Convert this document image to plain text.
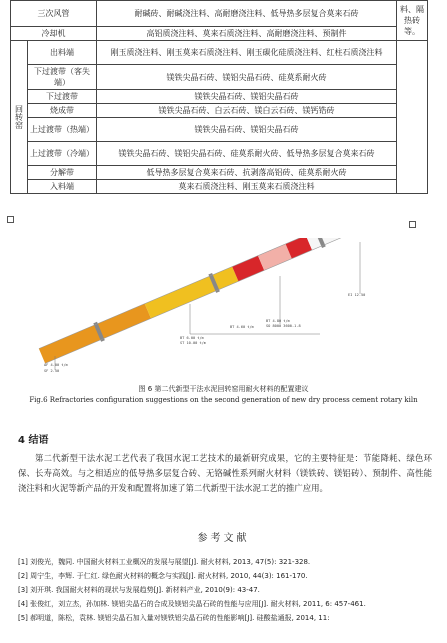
三次风管		耐碱砖、耐碱浇注料、高耐磨浇注料、低导热多层复合莫来石砖	料、隔
热砖等。
冷却机		高铝质浇注料、莫来石质浇注料、高耐磨浇注料、预制件	
回转窑	出料端	刚玉质浇注料、刚玉莫来石质浇注料、刚玉碳化硅质浇注料、红柱石质浇注料	
	下过渡带（客失端）	镁铁尖晶石砖、镁铝尖晶石砖、硅莫系耐火砖	
	下过渡带	镁铁尖晶石砖、镁铝尖晶石砖	
	烧成带	镁铁尖晶石砖、白云石砖、镁白云石砖、镁钙锆砖	
	上过渡带（热端）	镁铁尖晶石砖、镁铝尖晶石砖	
	上过渡带（冷端）	镁铁尖晶石砖、镁铝尖晶石砖、硅莫系耐火砖、低导热多层复合莫来石砖	
	分解带	低导热多层复合莫来石砖、抗剥落高铝砖、硅莫系耐火砖	
	入料端	莫来石质浇注料、刚玉莫来石质浇注料	
AF 4.00 t/m
SF 2.50
BT 6.00 t/m
ST 10.00 t/m
BT 4.60 t/m
BT 4.80 t/m
SO 8000 3600-1.8
EI 12.50
图 6 第二代新型干法水泥回转窑用耐火材料的配置建议
Fig.6 Refractories configuration suggestions on the second generation of new dry process cement rotary kiln
4 结语
第二代新型干法水泥工艺代表了我国水泥工艺技术的最新研究成果，它的主要特征是：节能降耗、绿色环保、长寿高效。与之相适应的低导热多层复合砖、无铬碱性系列耐火材料（镁铁砖、镁铝砖）、预制件、高性能浇注料和火泥等新产品的开发和配置将加速了第二代新型干法水泥工艺的推广应用。
参考文献
[1] 刘俊光，魏同. 中国耐火材料工业概况的发展与展望[J]. 耐火材料, 2013, 47(5): 321-328.
[2] 周宁生，李辉. 于仁红. 绿色耐火材料的概念与实践[J]. 耐火材料, 2010, 44(3): 161-170.
[3] 刘开琪. 我国耐火材料的现状与发展趋势[J]. 新材料产业, 2010(9): 43-47.
[4] 张俊红，刘立杰，孙加林. 镁铝尖晶石的合成及镁铝尖晶石砖的性能与应用[J]. 耐火材料, 2011, 6: 457-461.
[5] 郝明道，陈松，袁林. 镁铝尖晶石加入量对镁铁铝尖晶石砖的性能影响[J]. 硅酸盐通报, 2014, 11:
